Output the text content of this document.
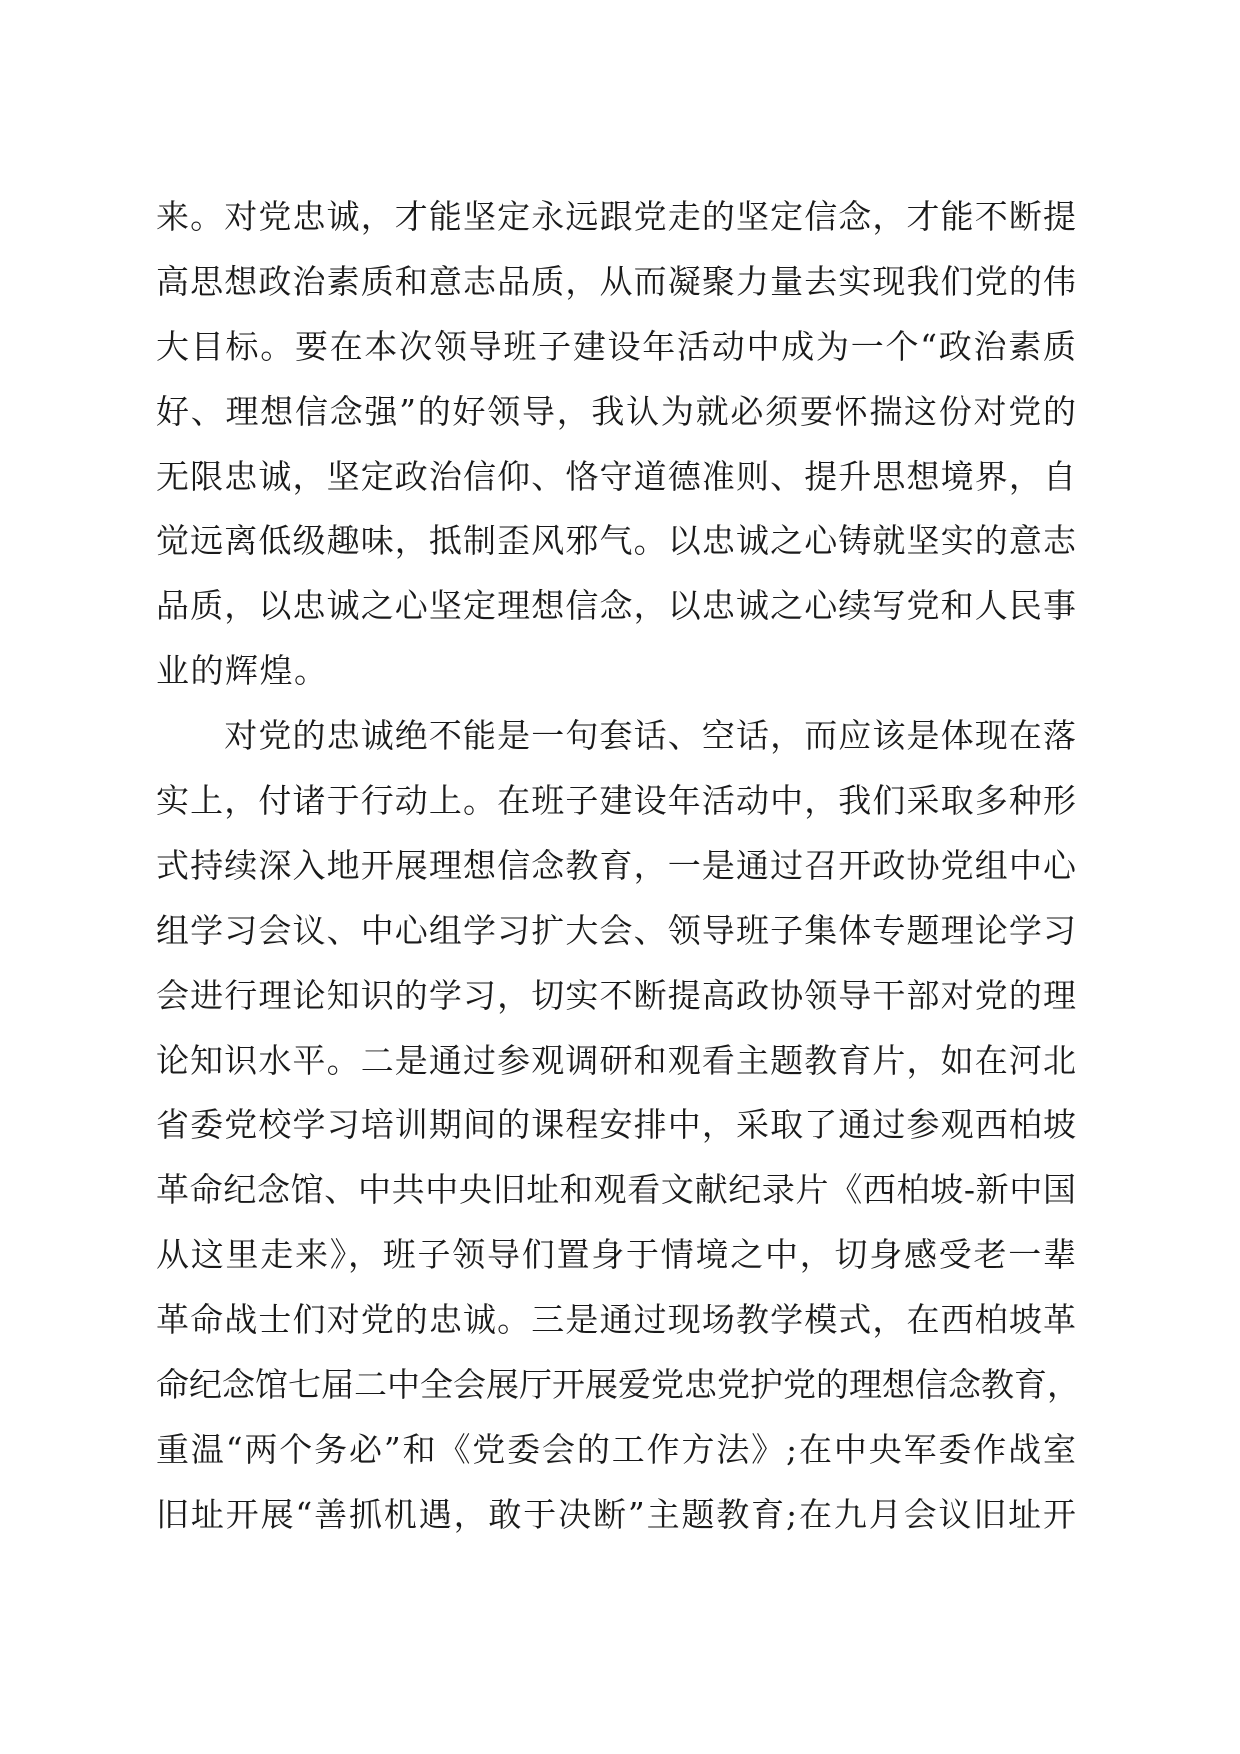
来。对党忠诚，才能坚定永远跟党走的坚定信念，才能不断提
高思想政治素质和意志品质，从而凝聚力量去实现我们党的伟
大目标。要在本次领导班子建设年活动中成为一个“政治素质
好、理想信念强”的好领导，我认为就必须要怀揣这份对党的
无限忠诚，坚定政治信仰、恪守道德准则、提升思想境界，自
觉远离低级趣味，抵制歪风邪气。以忠诚之心铸就坚实的意志
品质，以忠诚之心坚定理想信念，以忠诚之心续写党和人民事
业的辉煌。
　　对党的忠诚绝不能是一句套话、空话，而应该是体现在落
实上，付诸于行动上。在班子建设年活动中，我们采取多种形
式持续深入地开展理想信念教育，一是通过召开政协党组中心
组学习会议、中心组学习扩大会、领导班子集体专题理论学习
会进行理论知识的学习，切实不断提高政协领导干部对党的理
论知识水平。二是通过参观调研和观看主题教育片，如在河北
省委党校学习培训期间的课程安排中，采取了通过参观西柏坡
革命纪念馆、中共中央旧址和观看文献纪录片《西柏坡-新中国
从这里走来》，班子领导们置身于情境之中，切身感受老一辈
革命战士们对党的忠诚。三是通过现场教学模式，在西柏坡革
命纪念馆七届二中全会展厅开展爱党忠党护党的理想信念教育，
重温“两个务必”和《党委会的工作方法》;在中央军委作战室
旧址开展“善抓机遇，敢于决断”主题教育;在九月会议旧址开
